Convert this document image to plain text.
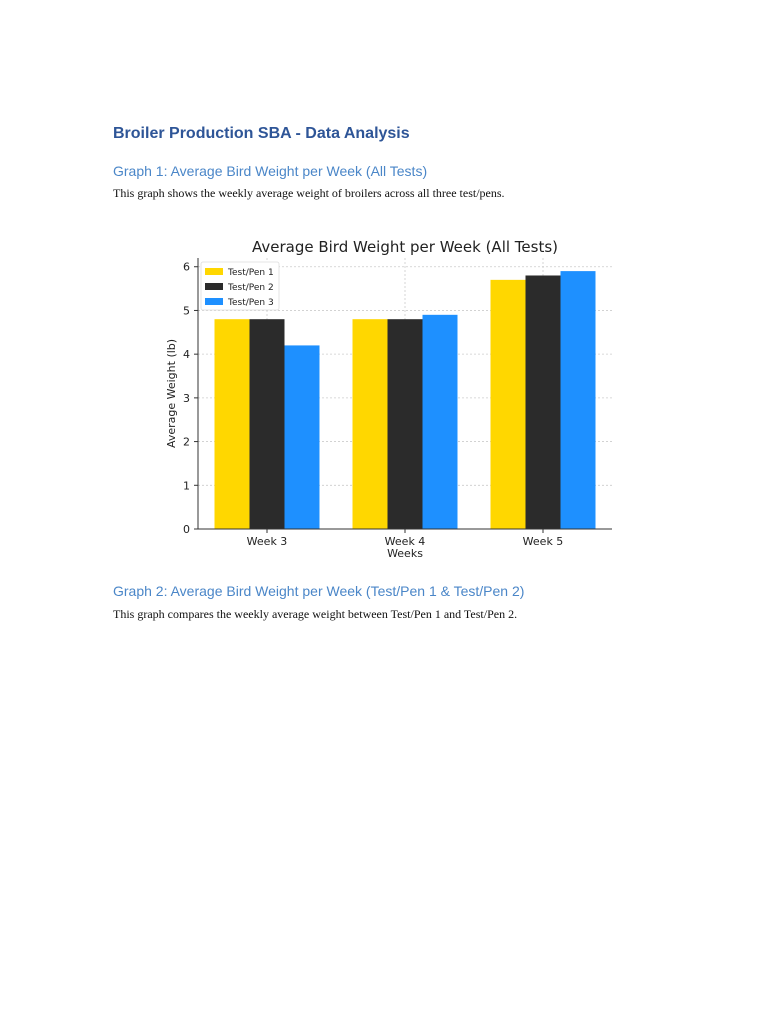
Broiler Production SBA - Data Analysis
Graph 1: Average Bird Weight per Week (All Tests)

This graph shows the weekly average weight of broilers across all three test/pens.

0
1
2
3
4
5
6
Week 3	Week 4	Week 5
Average Bird Weight per Week (All Tests)
Weeks
Average Weight (lb)
Test/Pen 1
Test/Pen 2
Test/Pen 3
Graph 2: Average Bird Weight per Week (Test/Pen 1 & Test/Pen 2)

This graph compares the weekly average weight between Test/Pen 1 and Test/Pen 2.
